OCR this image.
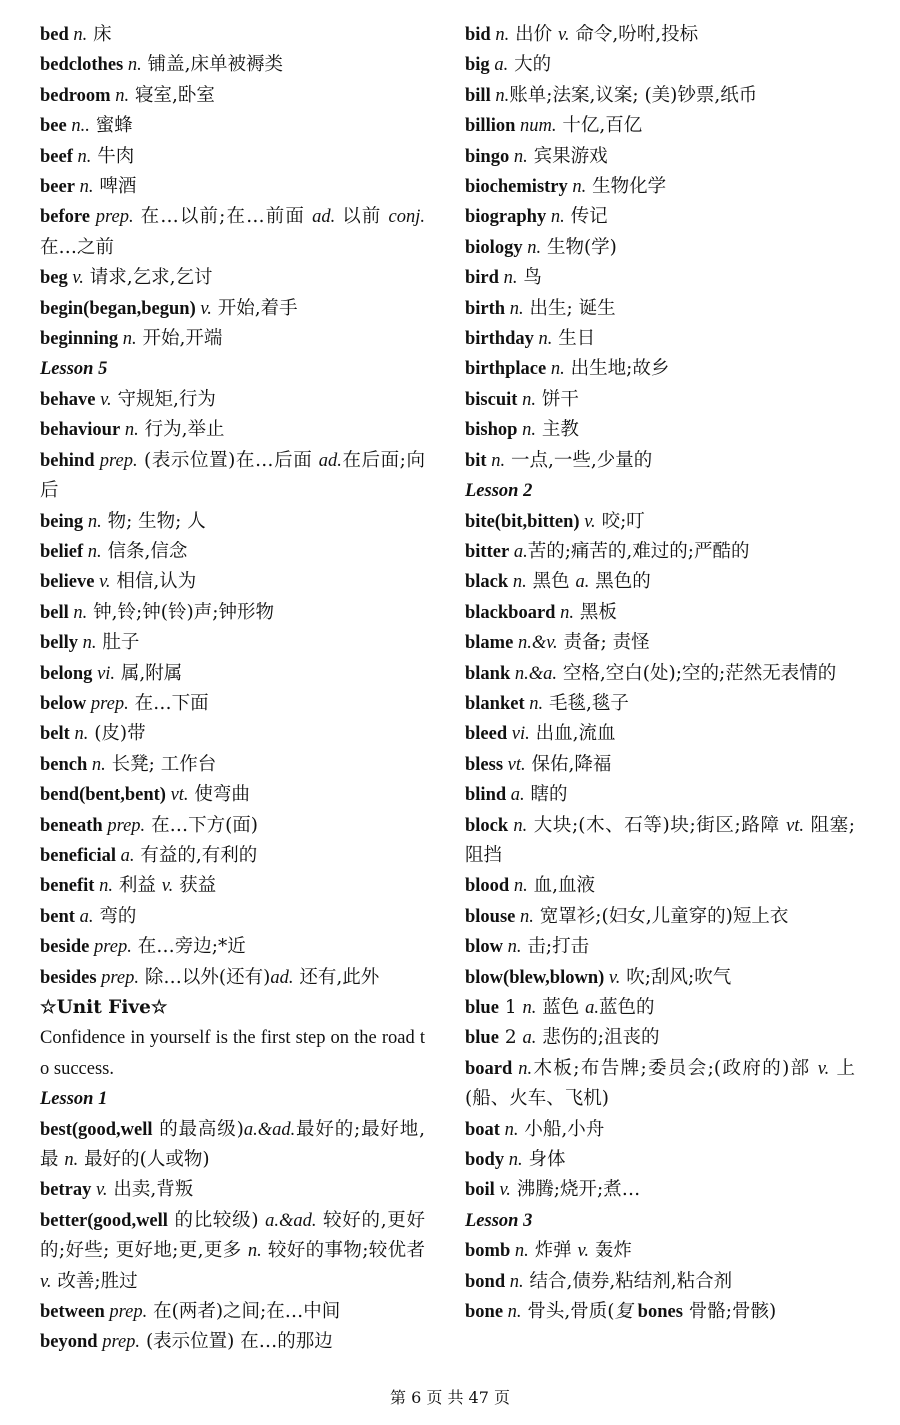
bed n. 床
bedclothes n. 铺盖,床单被褥类
bedroom n. 寝室,卧室
bee n.. 蜜蜂
beef n. 牛肉
beer n. 啤酒
before prep. 在…以前;在…前面 ad. 以前 conj. 在…之前
beg v. 请求,乞求,乞讨
begin(began,begun) v. 开始,着手
beginning n. 开始,开端
Lesson 5
behave v. 守规矩,行为
behaviour n. 行为,举止
behind prep. (表示位置)在…后面 ad.在后面;向后
being n. 物; 生物; 人
belief n. 信条,信念
believe v. 相信,认为
bell n. 钟,铃;钟(铃)声;钟形物
belly n. 肚子
belong vi. 属,附属
below prep. 在…下面
belt n. (皮)带
bench n. 长凳; 工作台
bend(bent,bent) vt. 使弯曲
beneath prep. 在…下方(面)
beneficial a. 有益的,有利的
benefit n. 利益 v. 获益
bent a. 弯的
beside prep. 在…旁边;*近
besides prep. 除…以外(还有)ad. 还有,此外
☆Unit Five☆
Confidence in yourself is the first step on the road to success.
Lesson 1
best(good,well 的最高级)a.&ad.最好的;最好地,最 n. 最好的(人或物)
betray v. 出卖,背叛
better(good,well 的比较级) a.&ad. 较好的,更好的;好些; 更好地;更,更多 n. 较好的事物;较优者 v. 改善;胜过
between prep. 在(两者)之间;在…中间
beyond prep. (表示位置) 在…的那边
bid n. 出价 v. 命令,吩咐,投标
big a. 大的
bill n.账单;法案,议案; (美)钞票,纸币
billion num. 十亿,百亿
bingo n. 宾果游戏
biochemistry n. 生物化学
biography n. 传记
biology n. 生物(学)
bird n. 鸟
birth n. 出生; 诞生
birthday n. 生日
birthplace n. 出生地;故乡
biscuit n. 饼干
bishop n. 主教
bit n. 一点,一些,少量的
Lesson 2
bite(bit,bitten) v. 咬;叮
bitter a.苦的;痛苦的,难过的;严酷的
black n. 黑色 a. 黑色的
blackboard n. 黑板
blame n.&v. 责备; 责怪
blank n.&a. 空格,空白(处);空的;茫然无表情的
blanket n. 毛毯,毯子
bleed vi. 出血,流血
bless vt. 保佑,降福
blind a. 瞎的
block n. 大块;(木、石等)块;街区;路障 vt. 阻塞;阻挡
blood n. 血,血液
blouse n. 宽罩衫;(妇女,儿童穿的)短上衣
blow n. 击;打击
blow(blew,blown) v. 吹;刮风;吹气
blue 1 n. 蓝色 a.蓝色的
blue 2 a. 悲伤的;沮丧的
board n.木板;布告牌;委员会;(政府的)部 v. 上(船、火车、飞机)
boat n. 小船,小舟
body n. 身体
boil v. 沸腾;烧开;煮…
Lesson 3
bomb n. 炸弹 v. 轰炸
bond n. 结合,债券,粘结剂,粘合剂
bone n. 骨头,骨质(复 bones 骨骼;骨骸)
第 6 页 共 47 页
